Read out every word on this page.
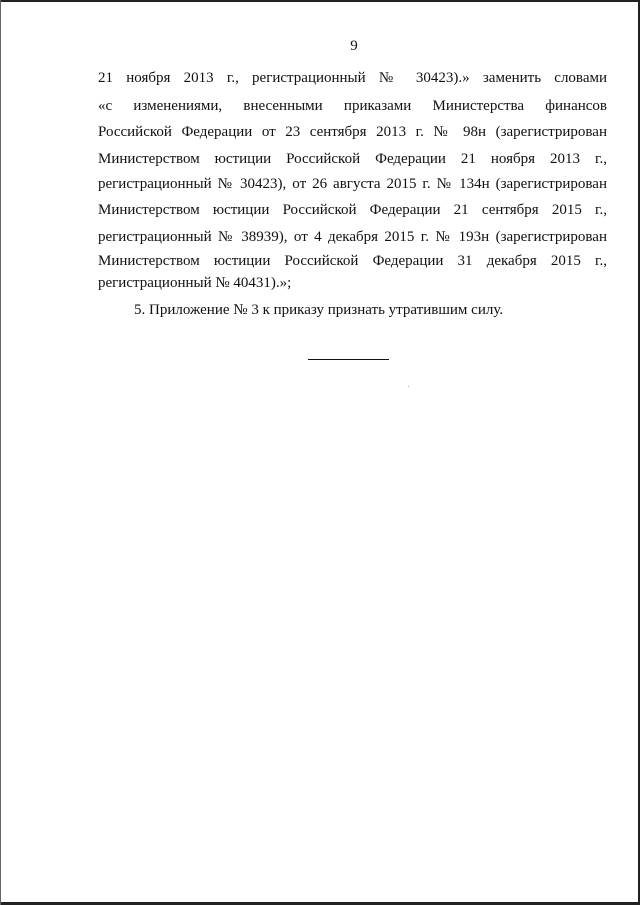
9
21 ноября 2013 г., регистрационный № 30423).» заменить словами
«с изменениями, внесенными приказами Министерства финансов
Российской Федерации от 23 сентября 2013 г. № 98н (зарегистрирован
Министерством юстиции Российской Федерации 21 ноября 2013 г.,
регистрационный № 30423), от 26 августа 2015 г. № 134н (зарегистрирован
Министерством юстиции Российской Федерации 21 сентября 2015 г.,
регистрационный № 38939), от 4 декабря 2015 г. № 193н (зарегистрирован
Министерством юстиции Российской Федерации 31 декабря 2015 г.,
регистрационный № 40431).»;
5. Приложение № 3 к приказу признать утратившим силу.
